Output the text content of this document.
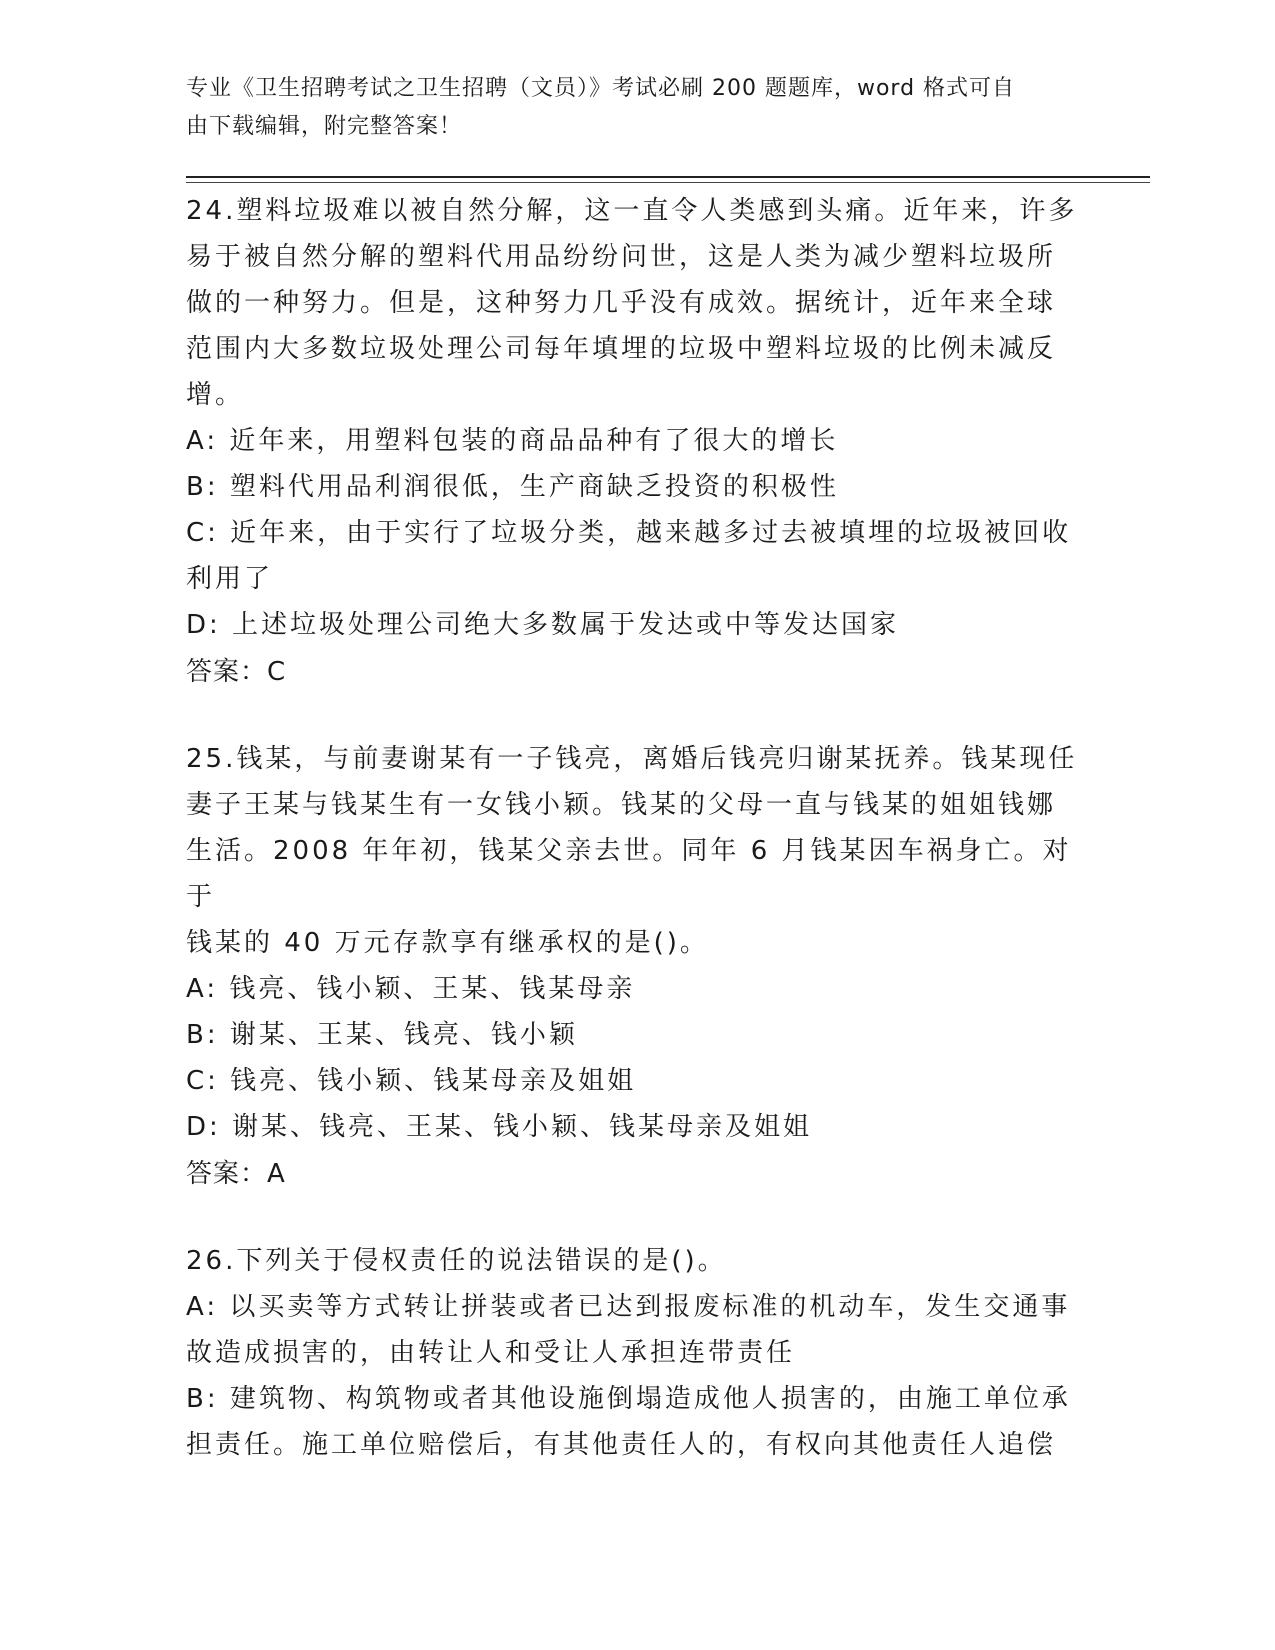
专业《卫生招聘考试之卫生招聘（文员）》考试必刷 200 题题库，word 格式可自
由下载编辑，附完整答案！

24.塑料垃圾难以被自然分解，这一直令人类感到头痛。近年来，许多

易于被自然分解的塑料代用品纷纷问世，这是人类为减少塑料垃圾所

做的一种努力。但是，这种努力几乎没有成效。据统计，近年来全球

范围内大多数垃圾处理公司每年填埋的垃圾中塑料垃圾的比例未减反

增。

A: 近年来，用塑料包装的商品品种有了很大的增长

B: 塑料代用品利润很低，生产商缺乏投资的积极性

C: 近年来，由于实行了垃圾分类，越来越多过去被填埋的垃圾被回收

利用了

D: 上述垃圾处理公司绝大多数属于发达或中等发达国家

答案：C

25.钱某，与前妻谢某有一子钱亮，离婚后钱亮归谢某抚养。钱某现任

妻子王某与钱某生有一女钱小颖。钱某的父母一直与钱某的姐姐钱娜

生活。2008 年年初，钱某父亲去世。同年 6 月钱某因车祸身亡。对于

钱某的 40 万元存款享有继承权的是()。

A: 钱亮、钱小颖、王某、钱某母亲

B: 谢某、王某、钱亮、钱小颖

C: 钱亮、钱小颖、钱某母亲及姐姐

D: 谢某、钱亮、王某、钱小颖、钱某母亲及姐姐

答案：A

26.下列关于侵权责任的说法错误的是()。

A: 以买卖等方式转让拼装或者已达到报废标准的机动车，发生交通事

故造成损害的，由转让人和受让人承担连带责任

B: 建筑物、构筑物或者其他设施倒塌造成他人损害的，由施工单位承

担责任。施工单位赔偿后，有其他责任人的，有权向其他责任人追偿
